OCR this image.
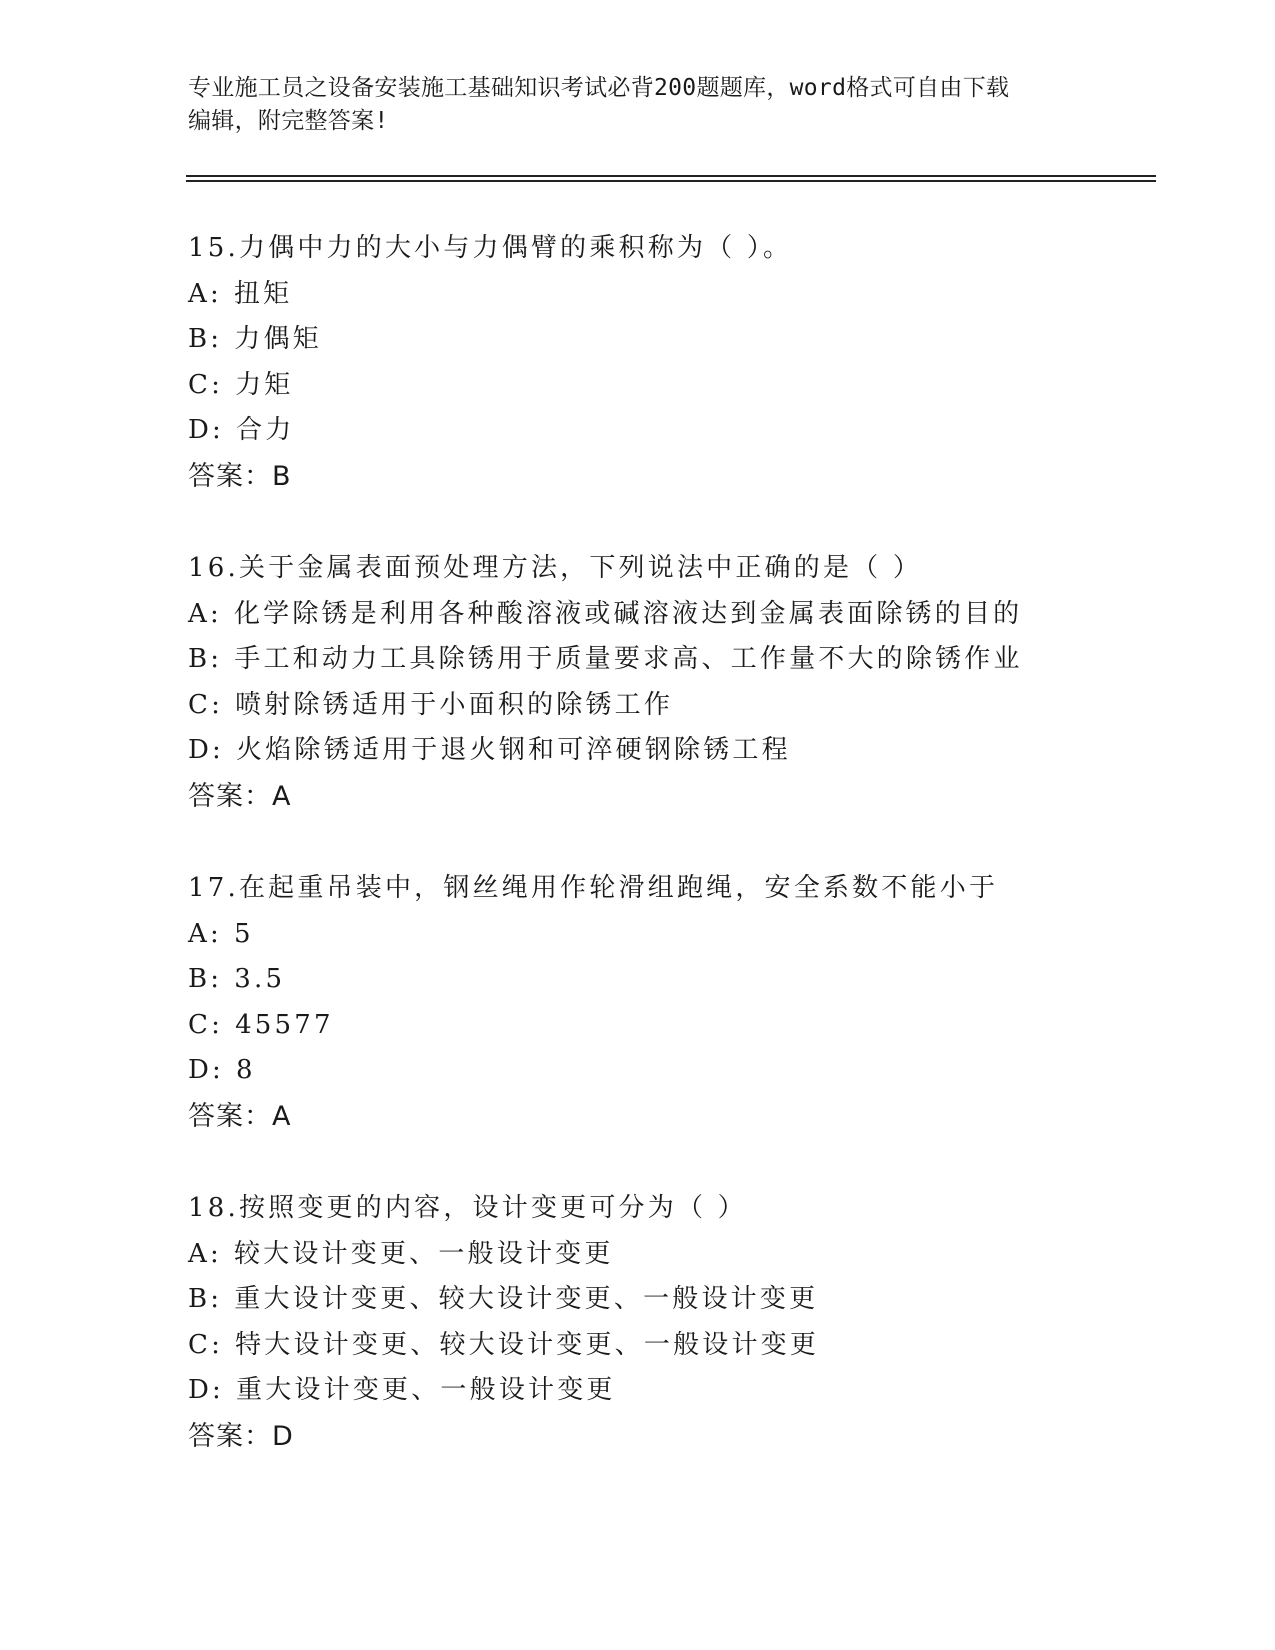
专业施工员之设备安装施工基础知识考试必背200题题库，word格式可自由下载
编辑，附完整答案!
15.力偶中力的大小与力偶臂的乘积称为（ ）。
A: 扭矩
B: 力偶矩
C: 力矩
D: 合力
答案：B
16.关于金属表面预处理方法，下列说法中正确的是（ ）
A: 化学除锈是利用各种酸溶液或碱溶液达到金属表面除锈的目的
B: 手工和动力工具除锈用于质量要求高、工作量不大的除锈作业
C: 喷射除锈适用于小面积的除锈工作
D: 火焰除锈适用于退火钢和可淬硬钢除锈工程
答案：A
17.在起重吊装中，钢丝绳用作轮滑组跑绳，安全系数不能小于
A: 5
B: 3.5
C: 45577
D: 8
答案：A
18.按照变更的内容，设计变更可分为（ ）
A: 较大设计变更、一般设计变更
B: 重大设计变更、较大设计变更、一般设计变更
C: 特大设计变更、较大设计变更、一般设计变更
D: 重大设计变更、一般设计变更
答案：D
